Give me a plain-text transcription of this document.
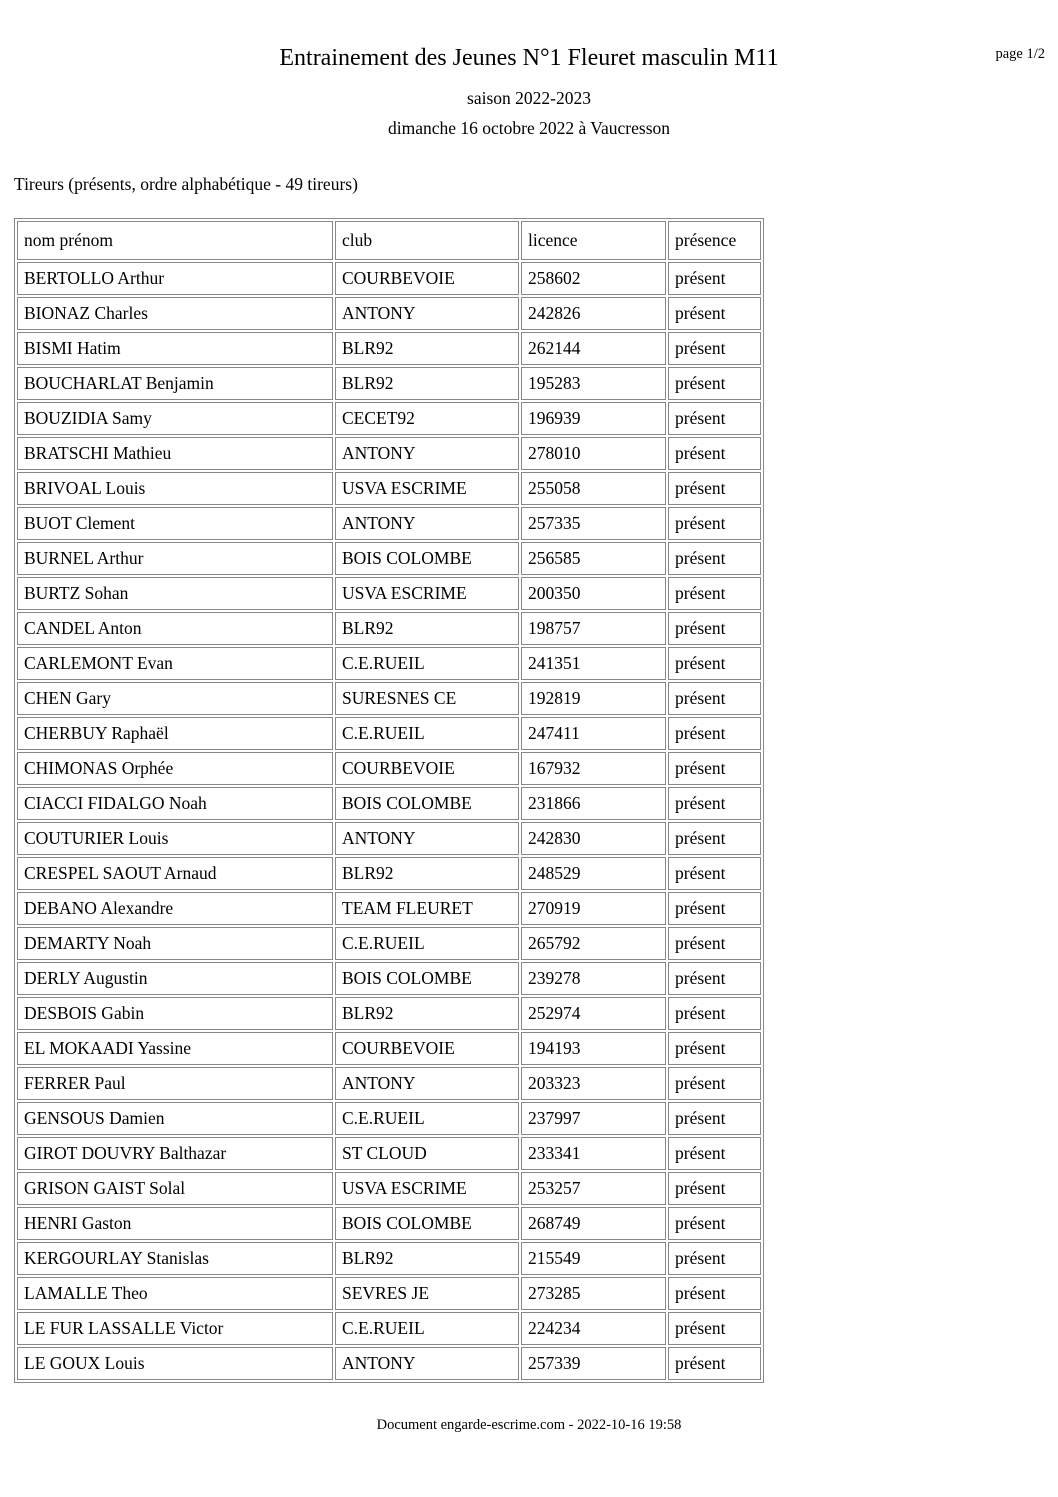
page 1/2
Entrainement des Jeunes N°1 Fleuret masculin M11
saison 2022-2023
dimanche 16 octobre 2022 à Vaucresson
Tireurs (présents, ordre alphabétique - 49 tireurs)
nom prénom	club	licence	présence
BERTOLLO Arthur	COURBEVOIE	258602	présent
BIONAZ Charles	ANTONY	242826	présent
BISMI Hatim	BLR92	262144	présent
BOUCHARLAT Benjamin	BLR92	195283	présent
BOUZIDIA Samy	CECET92	196939	présent
BRATSCHI Mathieu	ANTONY	278010	présent
BRIVOAL Louis	USVA ESCRIME	255058	présent
BUOT Clement	ANTONY	257335	présent
BURNEL Arthur	BOIS COLOMBE	256585	présent
BURTZ Sohan	USVA ESCRIME	200350	présent
CANDEL Anton	BLR92	198757	présent
CARLEMONT Evan	C.E.RUEIL	241351	présent
CHEN Gary	SURESNES CE	192819	présent
CHERBUY Raphaël	C.E.RUEIL	247411	présent
CHIMONAS Orphée	COURBEVOIE	167932	présent
CIACCI FIDALGO Noah	BOIS COLOMBE	231866	présent
COUTURIER Louis	ANTONY	242830	présent
CRESPEL SAOUT Arnaud	BLR92	248529	présent
DEBANO Alexandre	TEAM FLEURET	270919	présent
DEMARTY Noah	C.E.RUEIL	265792	présent
DERLY Augustin	BOIS COLOMBE	239278	présent
DESBOIS Gabin	BLR92	252974	présent
EL MOKAADI Yassine	COURBEVOIE	194193	présent
FERRER Paul	ANTONY	203323	présent
GENSOUS Damien	C.E.RUEIL	237997	présent
GIROT DOUVRY Balthazar	ST CLOUD	233341	présent
GRISON GAIST Solal	USVA ESCRIME	253257	présent
HENRI Gaston	BOIS COLOMBE	268749	présent
KERGOURLAY Stanislas	BLR92	215549	présent
LAMALLE Theo	SEVRES JE	273285	présent
LE FUR LASSALLE Victor	C.E.RUEIL	224234	présent
LE GOUX Louis	ANTONY	257339	présent
Document engarde-escrime.com - 2022-10-16 19:58
